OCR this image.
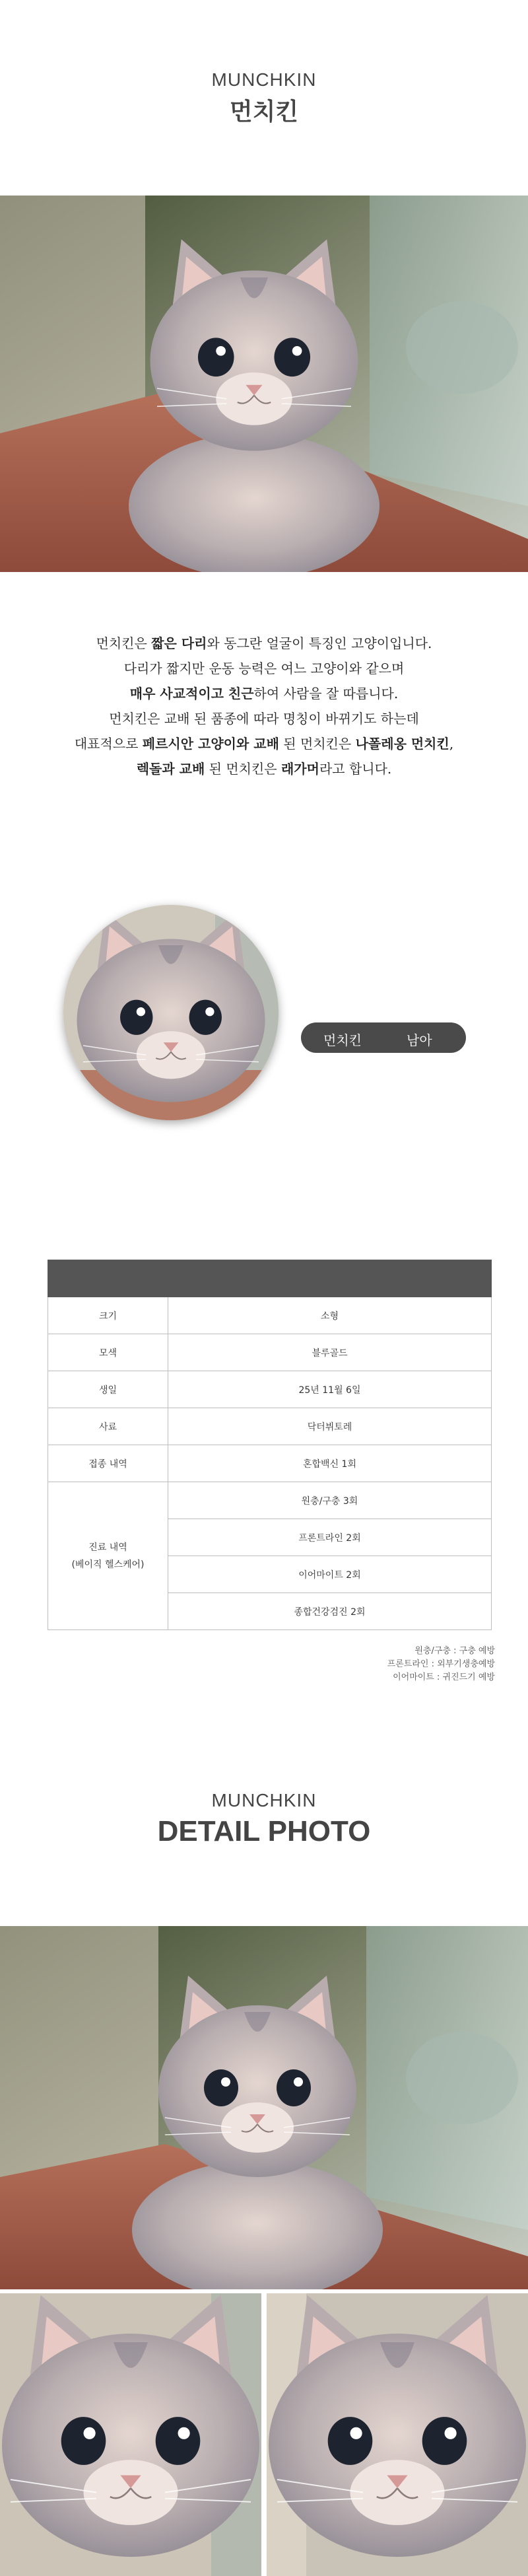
MUNCHKIN
먼치킨
먼치킨은 짧은 다리와 동그란 얼굴이 특징인 고양이입니다.
다리가 짧지만 운동 능력은 여느 고양이와 같으며
매우 사교적이고 친근하여 사람을 잘 따릅니다.
먼치킨은 교배 된 품종에 따라 명칭이 바뀌기도 하는데
대표적으로 페르시안 고양이와 교배 된 먼치킨은 나폴레옹 먼치킨,
렉돌과 교배 된 먼치킨은 래가머라고 합니다.
먼치킨	남아

크기	소형
모색	블루골드
생일	25년 11월 6일
사료	닥터뷔토레
접종 내역	혼합백신 1회

진료 내역
(베이직 헬스케어)	원충/구충 3회
	프론트라인 2회
	이어마이트 2회
	종합건강검진 2회
원충/구충 : 구충 예방
프론트라인 : 외부기생충예방
이어마이트 : 귀진드기 예방
MUNCHKIN
DETAIL PHOTO
